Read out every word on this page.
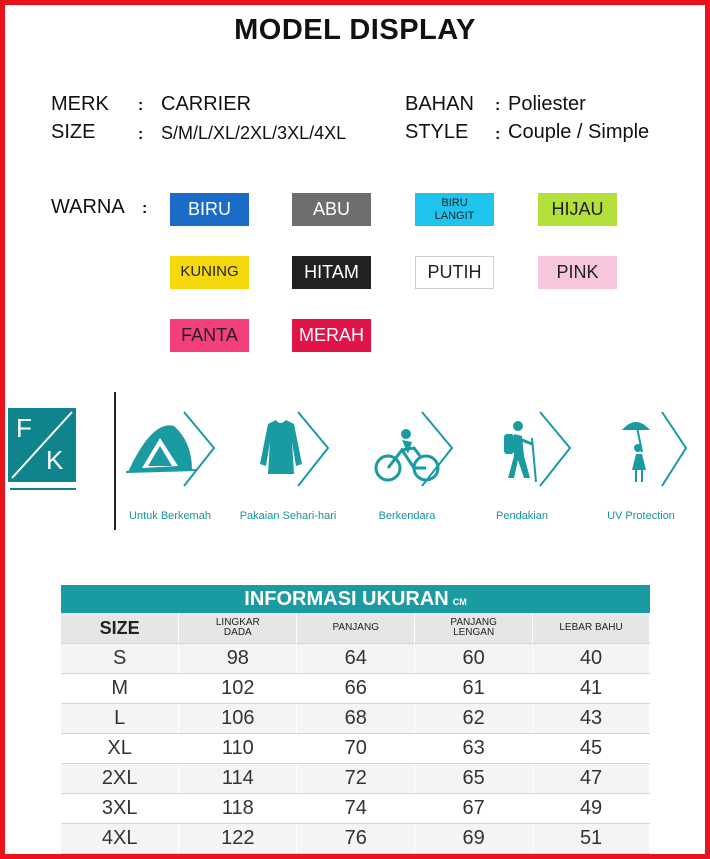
MODEL DISPLAY
MERK : CARRIER
SIZE	: S/M/L/XL/2XL/3XL/4XL
BAHAN : Poliester
STYLE : Couple / Simple
WARNA :	BIRU	ABU	BIRU LANGIT	HIJAU
KUNING	HITAM	PUTIH	PINK
FANTA	MERAH
F
K
Untuk Berkemah	Pakaian Sehari-hari	Berkendara	Pendakian	UV Protection
INFORMASI UKURAN CM
SIZE	LINGKAR DADA	PANJANG	PANJANG LENGAN	LEBAR BAHU
S	98	64	60	40
M	102	66	61	41
L	106	68	62	43
XL	110	70	63	45
2XL	114	72	65	47
3XL	118	74	67	49
4XL	122	76	69	51
